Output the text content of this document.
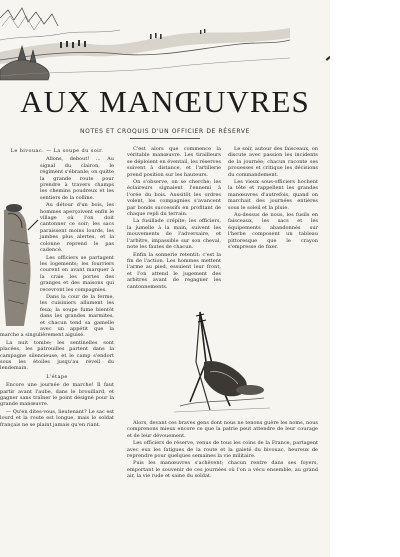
AUX MANŒUVRES
NOTES ET CROQUIS D'UN OFFICIER DE RÉSERVE
Le bivouac. — La soupe du soir.

Allons, debout! ... Au signal du clairon, le régiment s'ébranle; on quitte la grande route pour prendre à travers champs les chemins poudreux et les sentiers de la colline.

Au détour d'un bois, les hommes aperçoivent enfin le village où l'on doit cantonner ce soir; les sacs paraissent moins lourds, les jambes plus alertes, et la colonne reprend le pas cadencé.

Les officiers se partagent les logements; les fourriers courent en avant marquer à la craie les portes des granges et des maisons qui recevront les compagnies.

Dans la cour de la ferme, les cuisiniers allument les feux; la soupe fume bientôt dans les grandes marmites, et chacun tend sa gamelle avec un appétit que la marche a singulièrement aiguisé.

La nuit tombe; les sentinelles sont placées, les patrouilles partent dans la campagne silencieuse, et le camp s'endort sous les étoiles jusqu'au réveil du lendemain.

L'étape

Encore une journée de marche! Il faut partir avant l'aube, dans le brouillard, et gagner sans traîner le point désigné pour la grande manœuvre.

— Qu'en dites-vous, lieutenant? Le sac est lourd et la route est longue, mais le soldat français ne se plaint jamais qu'en riant.

C'est alors que commence la véritable manœuvre. Les tirailleurs se déploient en éventail, les réserves suivent à distance, et l'artillerie prend position sur les hauteurs.

On s'observe, on se cherche; les éclaireurs signalent l'ennemi à l'orée du bois. Aussitôt les ordres volent, les compagnies s'avancent par bonds successifs en profitant de chaque repli du terrain.

La fusillade crépite; les officiers, la jumelle à la main, suivent les mouvements de l'adversaire, et l'arbitre, impassible sur son cheval, note les fautes de chacun.

Enfin la sonnerie retentit: c'est la fin de l'action. Les hommes mettent l'arme au pied, essuient leur front, et l'on attend le jugement des arbitres avant de regagner les cantonnements.

Le soir, autour des faisceaux, on discute avec passion les incidents de la journée; chacun raconte ses prouesses et critique les décisions du commandement.

Les vieux sous-officiers hochent la tête et rappellent les grandes manœuvres d'autrefois, quand on marchait des journées entières sous le soleil et la pluie.

Au-dessus de nous, les fusils en faisceaux, les sacs et les équipements abandonnés sur l'herbe composent un tableau pittoresque que le crayon s'empresse de fixer.

Alors, devant ces braves gens dont nous ne tenons guère les noms, nous comprenons mieux encore ce que la patrie peut attendre de leur courage et de leur dévouement.

Les officiers de réserve, venus de tous les coins de la France, partagent avec eux les fatigues de la route et la gaieté du bivouac, heureux de reprendre pour quelques semaines la vie militaire.

Puis les manœuvres s'achèvent; chacun rentre dans ses foyers, emportant le souvenir de ces journées où l'on a vécu ensemble, au grand air, la vie rude et saine du soldat.
